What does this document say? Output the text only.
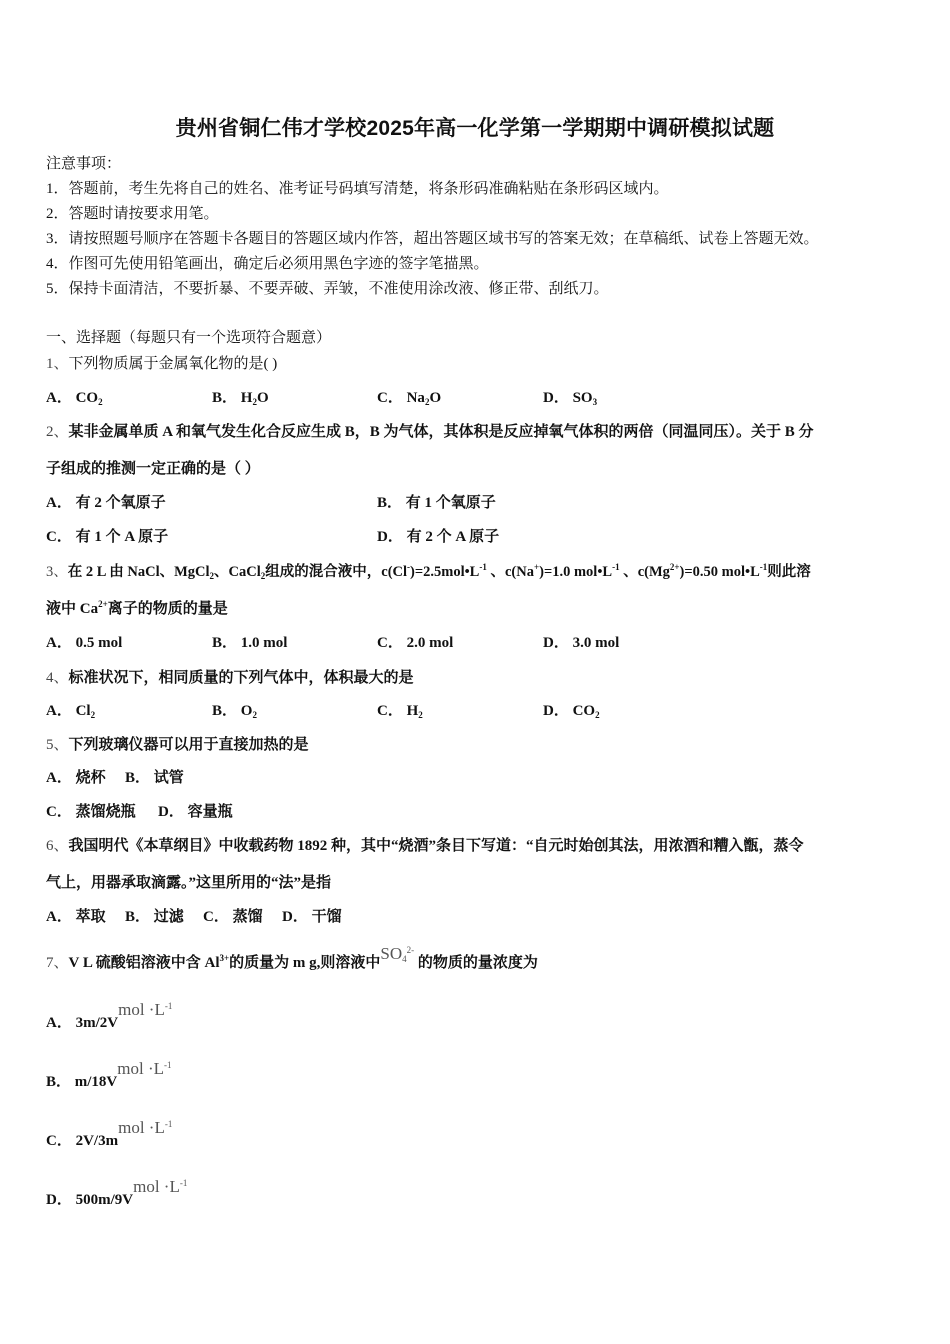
贵州省铜仁伟才学校2025年高一化学第一学期期中调研模拟试题
注意事项：
1．答题前，考生先将自己的姓名、准考证号码填写清楚，将条形码准确粘贴在条形码区域内。
2．答题时请按要求用笔。
3．请按照题号顺序在答题卡各题目的答题区域内作答，超出答题区域书写的答案无效；在草稿纸、试卷上答题无效。
4．作图可先使用铅笔画出，确定后必须用黑色字迹的签字笔描黑。
5．保持卡面清洁，不要折暴、不要弄破、弄皱，不准使用涂改液、修正带、刮纸刀。
一、选择题（每题只有一个选项符合题意）
1、下列物质属于金属氧化物的是( )
A． $CO_2$	B． $H_2O$	C． $Na_2O$	D． $SO_3$
2、某非金属单质 A 和氧气发生化合反应生成 B，B 为气体，其体积是反应掉氧气体积的两倍（同温同压）。关于 B 分
子组成的推测一定正确的是（ ）
A． 有 2 个氧原子	B． 有 1 个氧原子
C． 有 1 个 A 原子	D． 有 2 个 A 原子
3、在 2 L 由 NaCl、MgCl$_2$、CaCl$_2$组成的混合液中，$c(Cl^-)=2.5mol•L^{-1}$ 、c(Na+)=1.0 $mol•L^{-1}$ 、$c(Mg^{2+})=0.50$ $mol•L^{-1}$则此溶
液中 $Ca^{2+}$离子的物质的量是
A． 0.5 mol	B． 1.0 mol	C． 2.0 mol	D． 3.0 mol
4、标准状况下，相同质量的下列气体中，体积最大的是
A． $Cl_2$	B． $O_2$	C． $H_2$	D． $CO_2$
5、下列玻璃仪器可以用于直接加热的是
A． 烧杯 B． 试管
C． 蒸馏烧瓶 D． 容量瓶
6、我国明代《本草纲目》中收载药物 1892 种，其中“烧酒”条目下写道：“自元时始创其法，用浓酒和糟入甑，蒸令
气上，用器承取滴露。”这里所用的“法”是指
A． 萃取 B． 过滤 C． 蒸馏 D． 干馏
7、V L 硫酸铝溶液中含 $Al^{3+}$的质量为 m g,则溶液中$SO_4^{2-}$ 的物质的量浓度为
A． 3m/2Vmol $\cdot L^{-1}$
B． m/18Vmol $\cdot L^{-1}$
C． 2V/3mmol $\cdot L^{-1}$
D． 500m/9Vmol $\cdot L^{-1}$
